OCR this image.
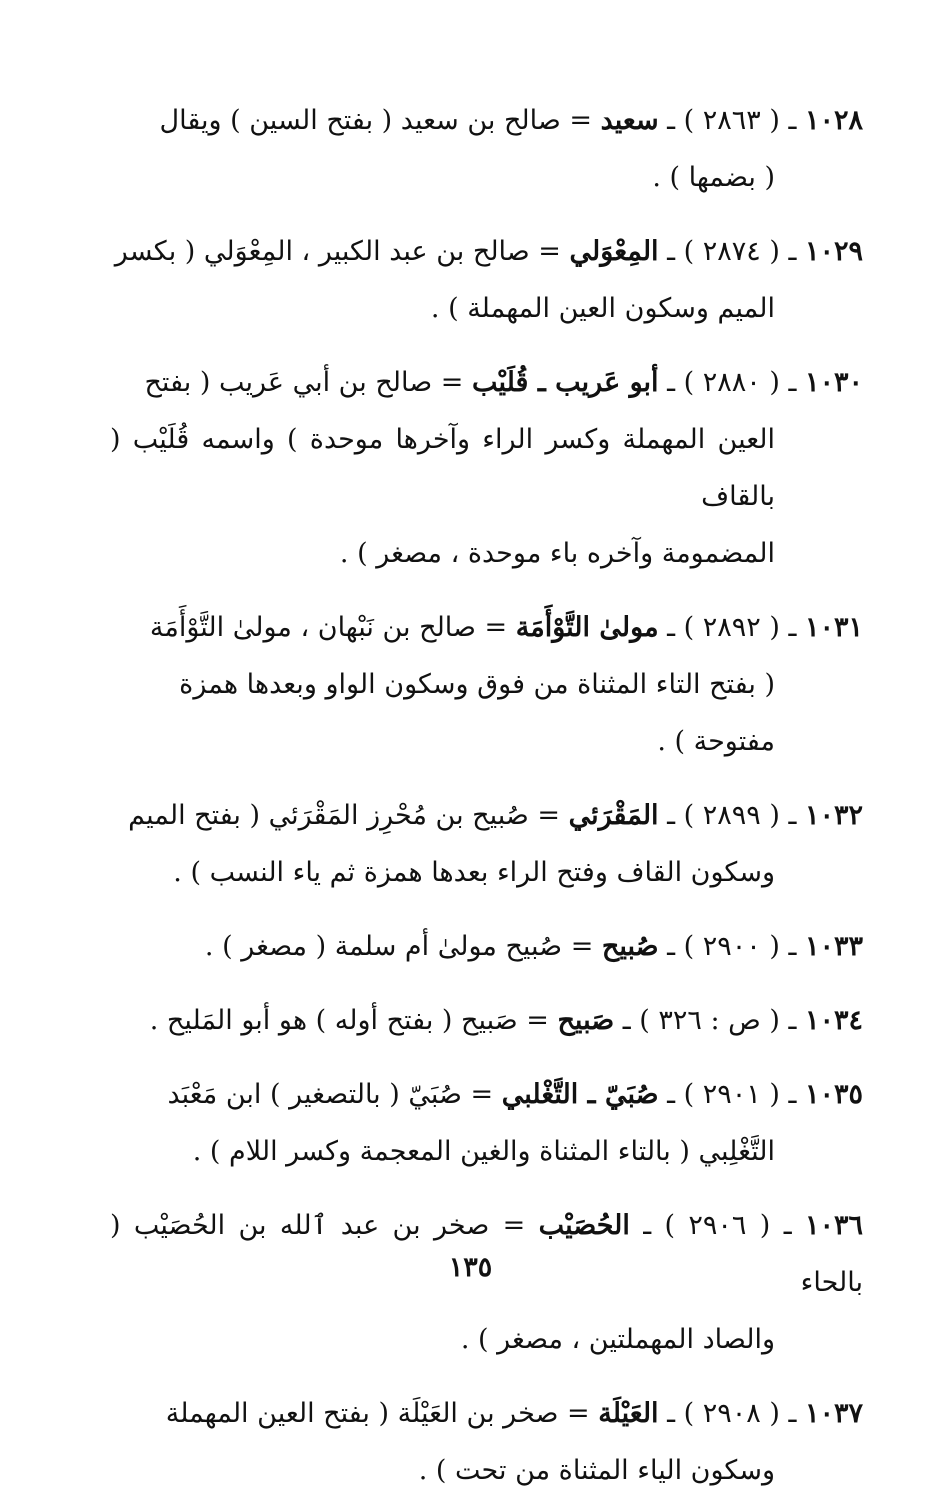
١٠٢٨ ـ ( ٢٨٦٣ ) ـ سعيد = صالح بن سعيد ( بفتح السين ) ويقال
( بضمها ) .
١٠٢٩ ـ ( ٢٨٧٤ ) ـ المِعْوَلي = صالح بن عبد الكبير ، المِعْوَلي ( بكسر
الميم وسكون العين المهملة ) .
١٠٣٠ ـ ( ٢٨٨٠ ) ـ أبو عَريب ـ قُلَيْب = صالح بن أبي عَريب ( بفتح
العين المهملة وكسر الراء وآخرها موحدة ) واسمه قُلَيْب ( بالقاف
المضمومة وآخره باء موحدة ، مصغر ) .
١٠٣١ ـ ( ٢٨٩٢ ) ـ مولىٰ التَّوْأَمَة = صالح بن نَبْهان ، مولىٰ التَّوْأَمَة
( بفتح التاء المثناة من فوق وسكون الواو وبعدها همزة
مفتوحة ) .
١٠٣٢ ـ ( ٢٨٩٩ ) ـ المَقْرَئي = صُبيح بن مُحْرِز المَقْرَئي ( بفتح الميم
وسكون القاف وفتح الراء بعدها همزة ثم ياء النسب ) .
١٠٣٣ ـ ( ٢٩٠٠ ) ـ صُبيح = صُبيح مولىٰ أم سلمة ( مصغر ) .
١٠٣٤ ـ ( ص : ٣٢٦ ) ـ صَبيح = صَبيح ( بفتح أوله ) هو أبو المَليح .
١٠٣٥ ـ ( ٢٩٠١ ) ـ صُبَيّ ـ التَّغْلبي = صُبَيّ ( بالتصغير ) ابن مَعْبَد
التَّغْلِبي ( بالتاء المثناة والغين المعجمة وكسر اللام ) .
١٠٣٦ ـ ( ٢٩٠٦ ) ـ الحُصَيْب = صخر بن عبد ٱلله بن الحُصَيْب ( بالحاء
والصاد المهملتين ، مصغر ) .
١٠٣٧ ـ ( ٢٩٠٨ ) ـ العَيْلَة = صخر بن العَيْلَة ( بفتح العين المهملة
وسكون الياء المثناة من تحت ) .
١٣٥
